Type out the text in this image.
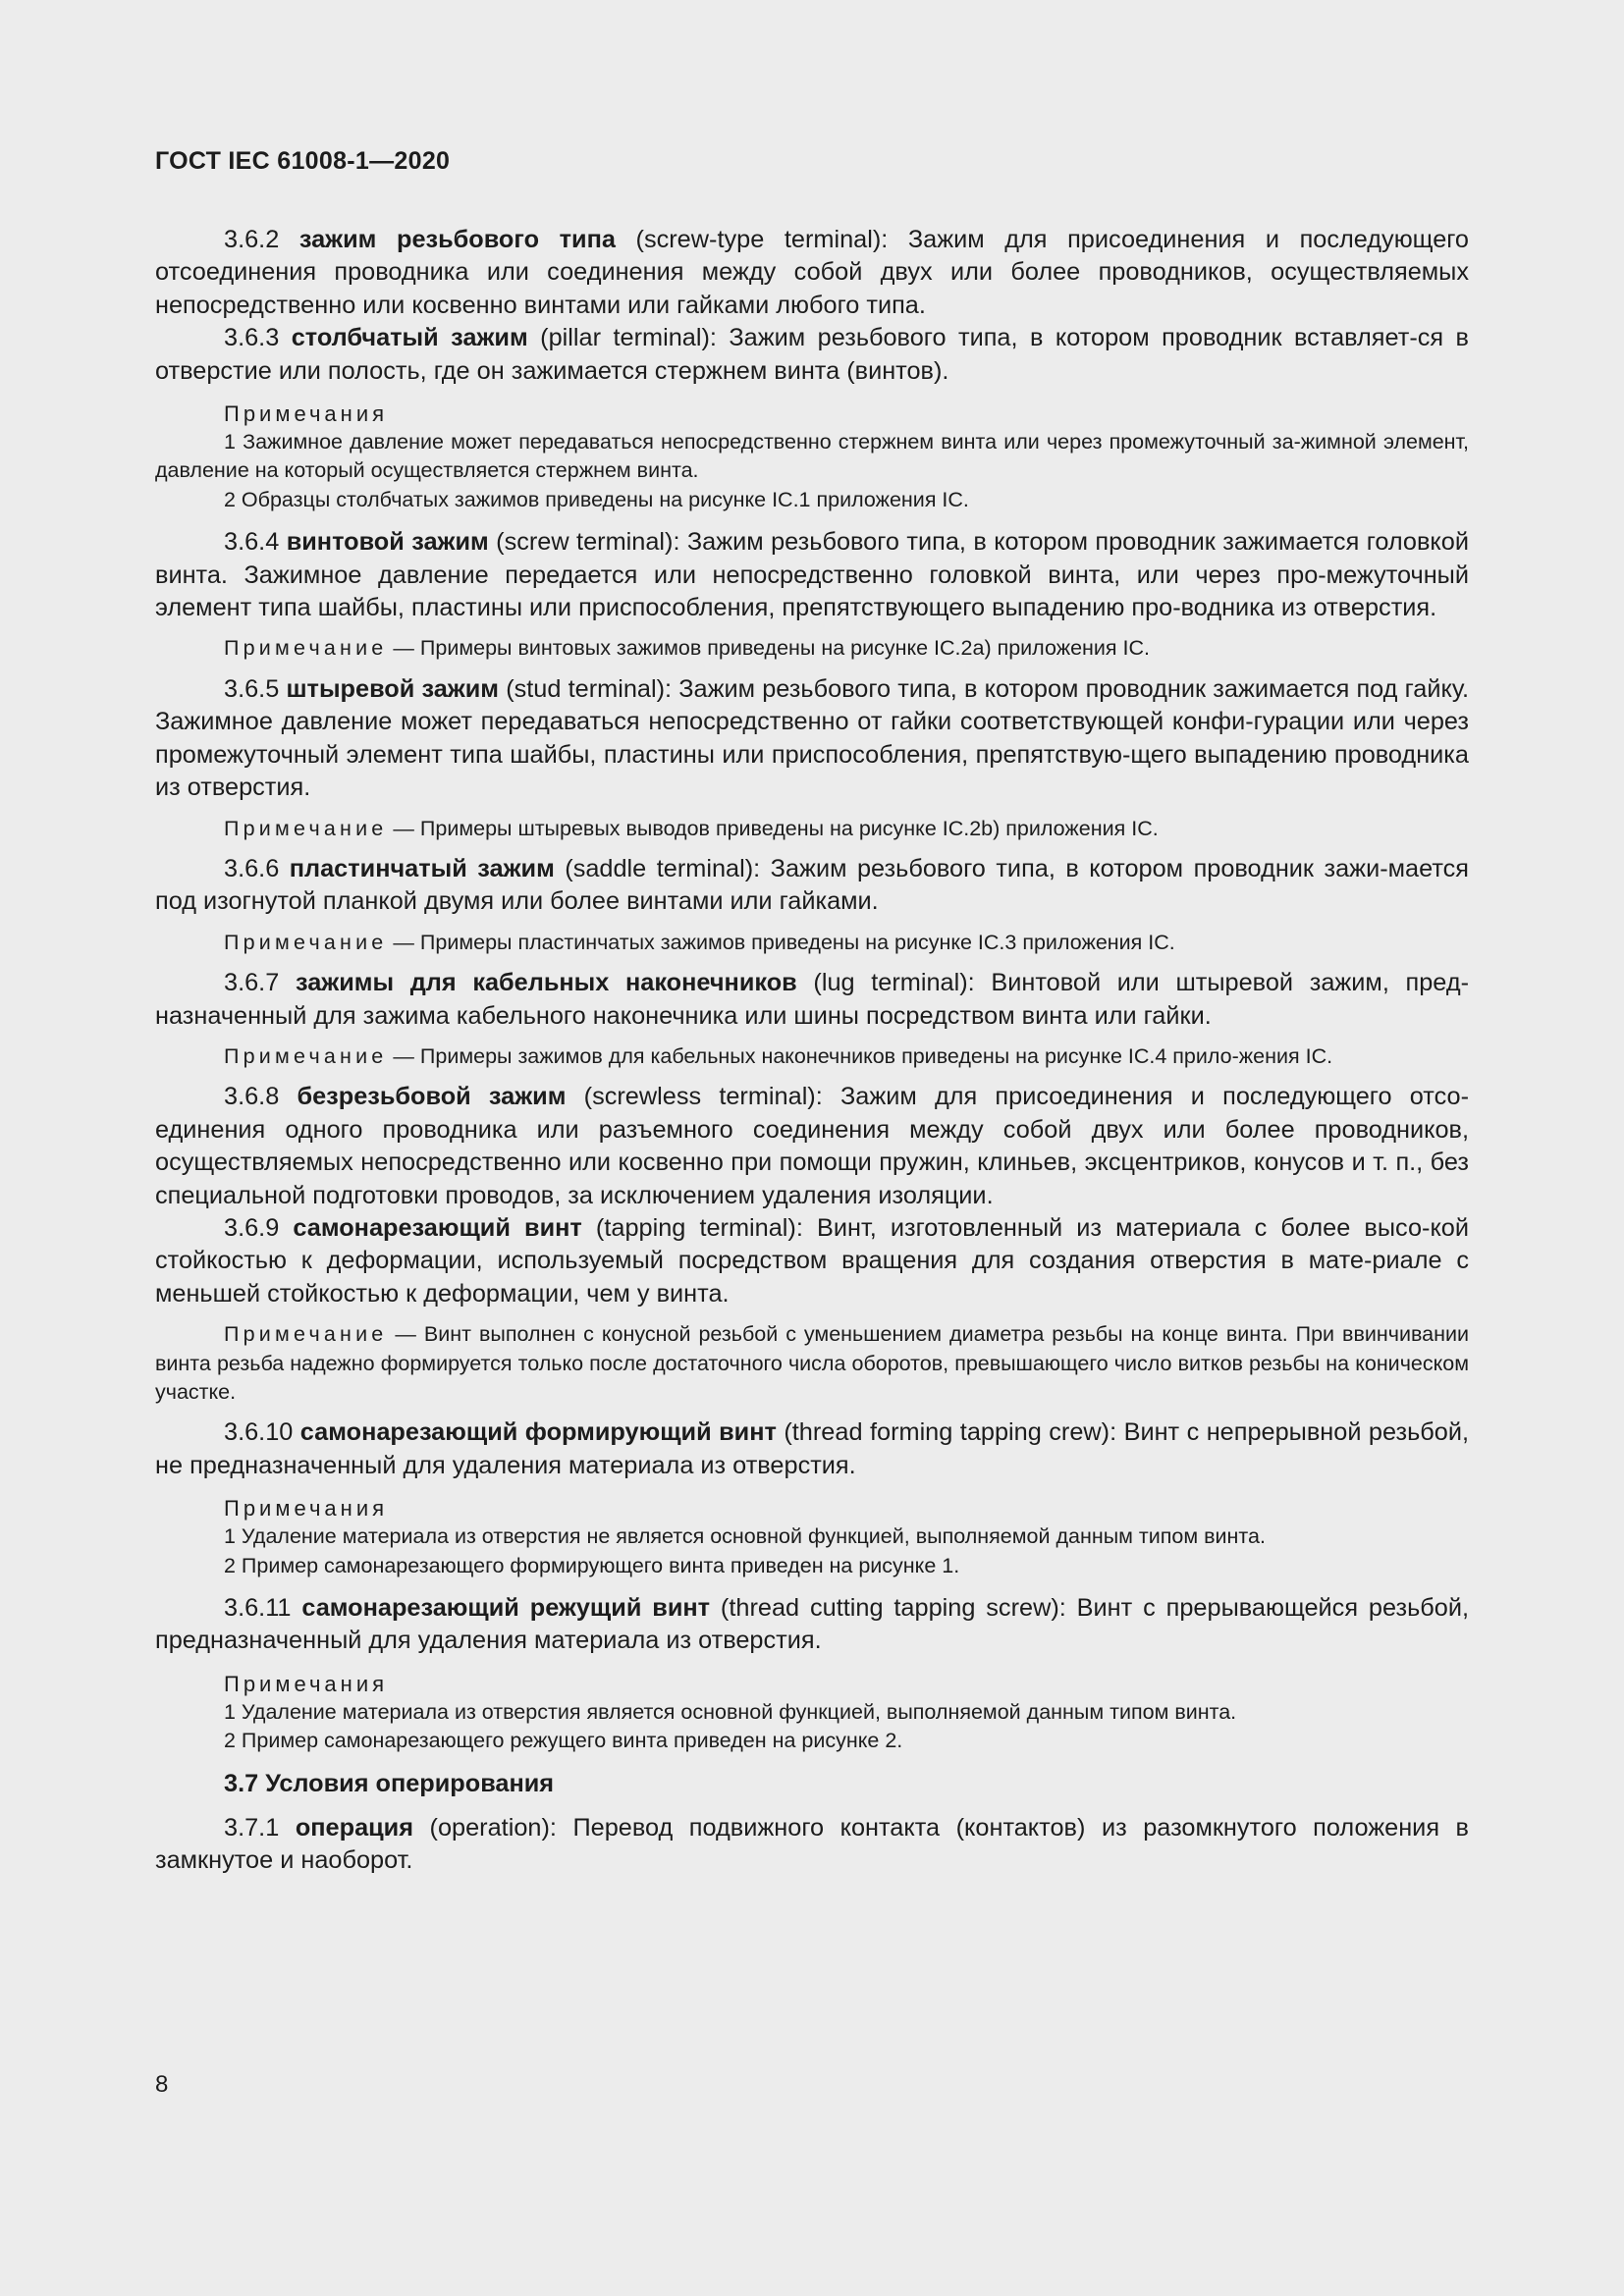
ГОСТ IEC 61008-1—2020

3.6.2 зажим резьбового типа (screw-type terminal): Зажим для присоединения и последующего отсоединения проводника или соединения между собой двух или более проводников, осуществляемых непосредственно или косвенно винтами или гайками любого типа.

3.6.3 столбчатый зажим (pillar terminal): Зажим резьбового типа, в котором проводник вставляет-ся в отверстие или полость, где он зажимается стержнем винта (винтов).

Примечания

1 Зажимное давление может передаваться непосредственно стержнем винта или через промежуточный за-жимной элемент, давление на который осуществляется стержнем винта.

2 Образцы столбчатых зажимов приведены на рисунке IC.1 приложения IC.

3.6.4 винтовой зажим (screw terminal): Зажим резьбового типа, в котором проводник зажимается головкой винта. Зажимное давление передается или непосредственно головкой винта, или через про-межуточный элемент типа шайбы, пластины или приспособления, препятствующего выпадению про-водника из отверстия.

Примечание — Примеры винтовых зажимов приведены на рисунке IC.2a) приложения IC.

3.6.5 штыревой зажим (stud terminal): Зажим резьбового типа, в котором проводник зажимается под гайку. Зажимное давление может передаваться непосредственно от гайки соответствующей конфи-гурации или через промежуточный элемент типа шайбы, пластины или приспособления, препятствую-щего выпадению проводника из отверстия.

Примечание — Примеры штыревых выводов приведены на рисунке IC.2b) приложения IC.

3.6.6 пластинчатый зажим (saddle terminal): Зажим резьбового типа, в котором проводник зажи-мается под изогнутой планкой двумя или более винтами или гайками.

Примечание — Примеры пластинчатых зажимов приведены на рисунке IC.3 приложения IC.

3.6.7 зажимы для кабельных наконечников (lug terminal): Винтовой или штыревой зажим, пред-назначенный для зажима кабельного наконечника или шины посредством винта или гайки.

Примечание — Примеры зажимов для кабельных наконечников приведены на рисунке IC.4 прило-жения IC.

3.6.8 безрезьбовой зажим (screwless terminal): Зажим для присоединения и последующего отсо-единения одного проводника или разъемного соединения между собой двух или более проводников, осуществляемых непосредственно или косвенно при помощи пружин, клиньев, эксцентриков, конусов и т. п., без специальной подготовки проводов, за исключением удаления изоляции.

3.6.9 самонарезающий винт (tapping terminal): Винт, изготовленный из материала с более высо-кой стойкостью к деформации, используемый посредством вращения для создания отверстия в мате-риале с меньшей стойкостью к деформации, чем у винта.

Примечание — Винт выполнен с конусной резьбой с уменьшением диаметра резьбы на конце винта. При ввинчивании винта резьба надежно формируется только после достаточного числа оборотов, превышающего число витков резьбы на коническом участке.

3.6.10 самонарезающий формирующий винт (thread forming tapping crew): Винт с непрерывной резьбой, не предназначенный для удаления материала из отверстия.

Примечания

1 Удаление материала из отверстия не является основной функцией, выполняемой данным типом винта.

2 Пример самонарезающего формирующего винта приведен на рисунке 1.

3.6.11 самонарезающий режущий винт (thread cutting tapping screw): Винт с прерывающейся резьбой, предназначенный для удаления материала из отверстия.

Примечания

1 Удаление материала из отверстия является основной функцией, выполняемой данным типом винта.

2 Пример самонарезающего режущего винта приведен на рисунке 2.

3.7 Условия оперирования

3.7.1 операция (operation): Перевод подвижного контакта (контактов) из разомкнутого положения в замкнутое и наоборот.

8
